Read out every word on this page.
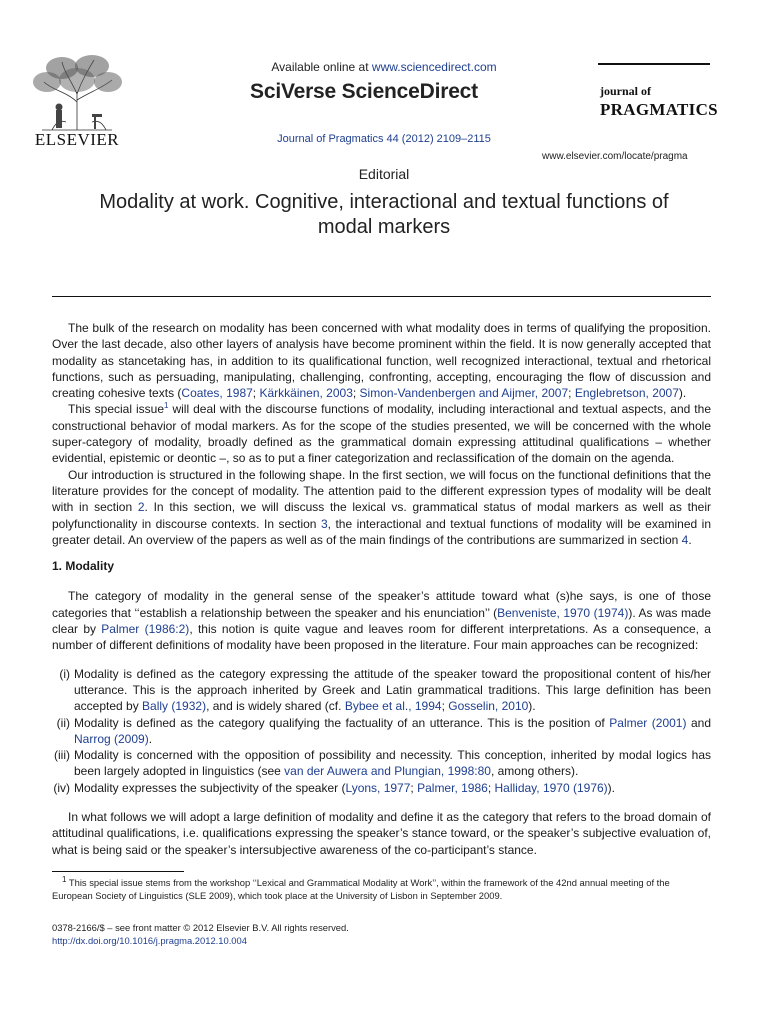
ELSEVIER
Available online at www.sciencedirect.com
SciVerse ScienceDirect
Journal of Pragmatics 44 (2012) 2109–2115
journal of
PRAGMATICS
www.elsevier.com/locate/pragma
Editorial
Modality at work. Cognitive, interactional and textual functions of modal markers

The bulk of the research on modality has been concerned with what modality does in terms of qualifying the proposition. Over the last decade, also other layers of analysis have become prominent within the field. It is now generally accepted that modality as stancetaking has, in addition to its qualificational function, well recognized interactional, textual and rhetorical functions, such as persuading, manipulating, challenging, confronting, accepting, encouraging the flow of discussion and creating cohesive texts (Coates, 1987; Kärkkäinen, 2003; Simon-Vandenbergen and Aijmer, 2007; Englebretson, 2007).

This special issue$^1$ will deal with the discourse functions of modality, including interactional and textual aspects, and the constructional behavior of modal markers. As for the scope of the studies presented, we will be concerned with the whole super-category of modality, broadly defined as the grammatical domain expressing attitudinal qualifications – whether evidential, epistemic or deontic –, so as to put a finer categorization and reclassification of the domain on the agenda.

Our introduction is structured in the following shape. In the first section, we will focus on the functional definitions that the literature provides for the concept of modality. The attention paid to the different expression types of modality will be dealt with in section 2. In this section, we will discuss the lexical vs. grammatical status of modal markers as well as their polyfunctionality in discourse contexts. In section 3, the interactional and textual functions of modality will be examined in greater detail. An overview of the papers as well as of the main findings of the contributions are summarized in section 4.

1. Modality

The category of modality in the general sense of the speaker’s attitude toward what (s)he says, is one of those categories that ‘‘establish a relationship between the speaker and his enunciation’’ (Benveniste, 1970 (1974)). As was made clear by Palmer (1986:2), this notion is quite vague and leaves room for different interpretations. As a consequence, a number of different definitions of modality have been proposed in the literature. Four main approaches can be recognized:

(i) Modality is defined as the category expressing the attitude of the speaker toward the propositional content of his/her utterance. This is the approach inherited by Greek and Latin grammatical traditions. This large definition has been accepted by Bally (1932), and is widely shared (cf. Bybee et al., 1994; Gosselin, 2010).
(ii) Modality is defined as the category qualifying the factuality of an utterance. This is the position of Palmer (2001) and Narrog (2009).
(iii) Modality is concerned with the opposition of possibility and necessity. This conception, inherited by modal logics has been largely adopted in linguistics (see van der Auwera and Plungian, 1998:80, among others).
(iv) Modality expresses the subjectivity of the speaker (Lyons, 1977; Palmer, 1986; Halliday, 1970 (1976)).

In what follows we will adopt a large definition of modality and define it as the category that refers to the broad domain of attitudinal qualifications, i.e. qualifications expressing the speaker’s stance toward, or the speaker’s subjective evaluation of, what is being said or the speaker’s intersubjective awareness of the co-participant’s stance.

$^1$ This special issue stems from the workshop ‘‘Lexical and Grammatical Modality at Work’’, within the framework of the 42nd annual meeting of the European Society of Linguistics (SLE 2009), which took place at the University of Lisbon in September 2009.
0378-2166/$ – see front matter © 2012 Elsevier B.V. All rights reserved.
http://dx.doi.org/10.1016/j.pragma.2012.10.004
